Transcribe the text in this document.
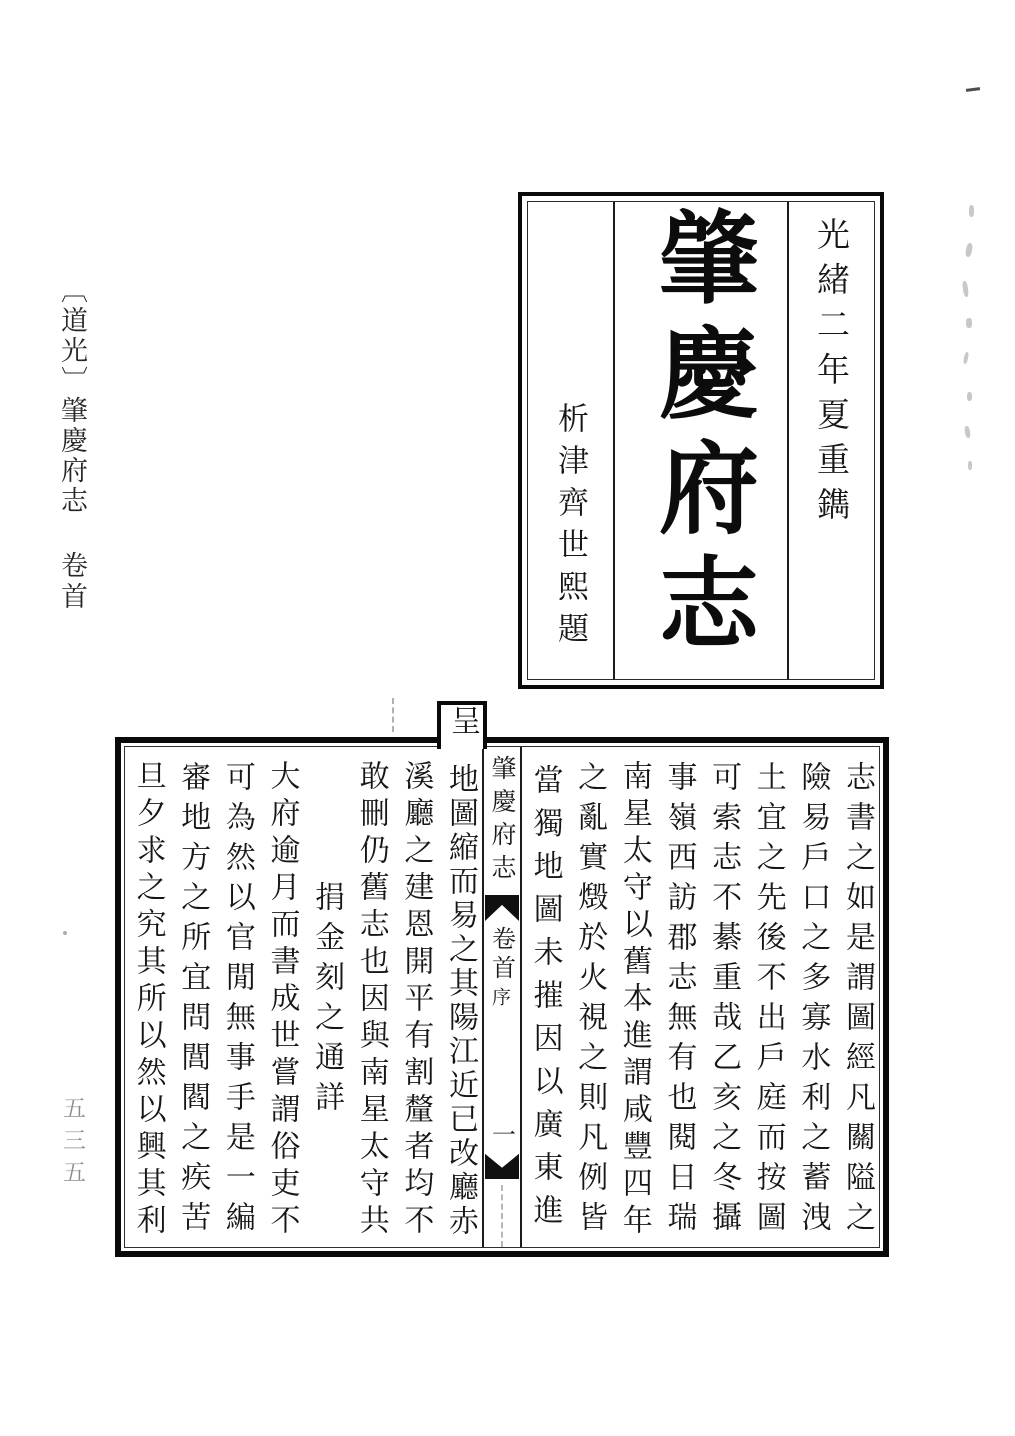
︹道光︺肇慶府志
卷首
五三五
析津齊世熙題 肇慶府志	光緒二年夏重鐫
呈
志書之如是謂圖經凡關隘之
險易戶口之多寡水利之蓄洩
土宜之先後不出戶庭而按圖
可索志不綦重哉乙亥之冬攝
事嶺西訪郡志無有也閱日瑞
南星太守以舊本進謂咸豐四年
之亂實燬於火視之則凡例皆
當獨地圖未摧因以廣東進
肇慶府志
卷首
序
一
地圖縮而易之其陽江近已改廳赤
溪廳之建恩開平有割釐者均不
敢刪仍舊志也因與南星太守共
捐金刻之通詳
大府逾月而書成世嘗謂俗吏不
可為然以官閒無事手是一編
審地方之所宜問閭閻之疾苦
旦夕求之究其所以然以興其利
